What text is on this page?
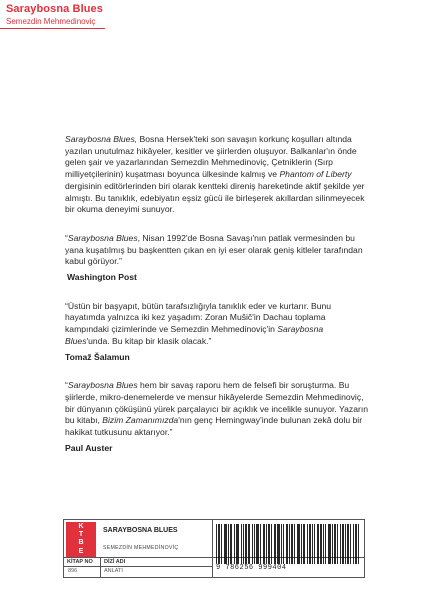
Saraybosna Blues
Semezdin Mehmedinoviç

Saraybosna Blues, Bosna Hersek'teki son savaşın korkunç koşulları altında yazılan unutulmaz hikâyeler, kesitler ve şiirlerden oluşuyor. Balkanlar'ın önde gelen şair ve yazarlarından Semezdin Mehmedinoviç, Çetniklerin (Sırp milliyetçilerinin) kuşatması boyunca ülkesinde kalmış ve Phantom of Liberty dergisinin editörlerinden biri olarak kentteki direniş hareketinde aktif şekilde yer almıştı. Bu tanıklık, edebiyatın eşsiz gücü ile birleşerek akıllardan silinmeyecek bir okuma deneyimi sunuyor.

“Saraybosna Blues, Nisan 1992'de Bosna Savaşı'nın patlak vermesinden bu yana kuşatılmış bu başkentten çıkan en iyi eser olarak geniş kitleler tarafından kabul görüyor.”

Washington Post

“Üstün bir başyapıt, bütün tarafsızlığıyla tanıklık eder ve kurtarır. Bunu hayatımda yalnızca iki kez yaşadım: Zoran Mušič'in Dachau toplama kampındaki çizimlerinde ve Semezdin Mehmedinoviç'in Saraybosna Blues'unda. Bu kitap bir klasik olacak.”

Tomaž Šalamun

“Saraybosna Blues hem bir savaş raporu hem de felsefi bir soruşturma. Bu şiirlerde, mikro-denemelerde ve mensur hikâyelerde Semezdin Mehmedinoviç, bir dünyanın çöküşünü yürek parçalayıcı bir açıklık ve incelikle sunuyor. Yazarın bu kitabı, Bizim Zamanımızda'nın genç Hemingway'inde bulunan zekâ dolu bir hakikat tutkusunu aktarıyor.”

Paul Auster
K
T
B
E
SARAYBOSNA BLUES
SEMEZDİN MEHMEDİNOVİÇ
KİTAP NO DİZİ ADI
896	ANLATI	9 786256 999404
